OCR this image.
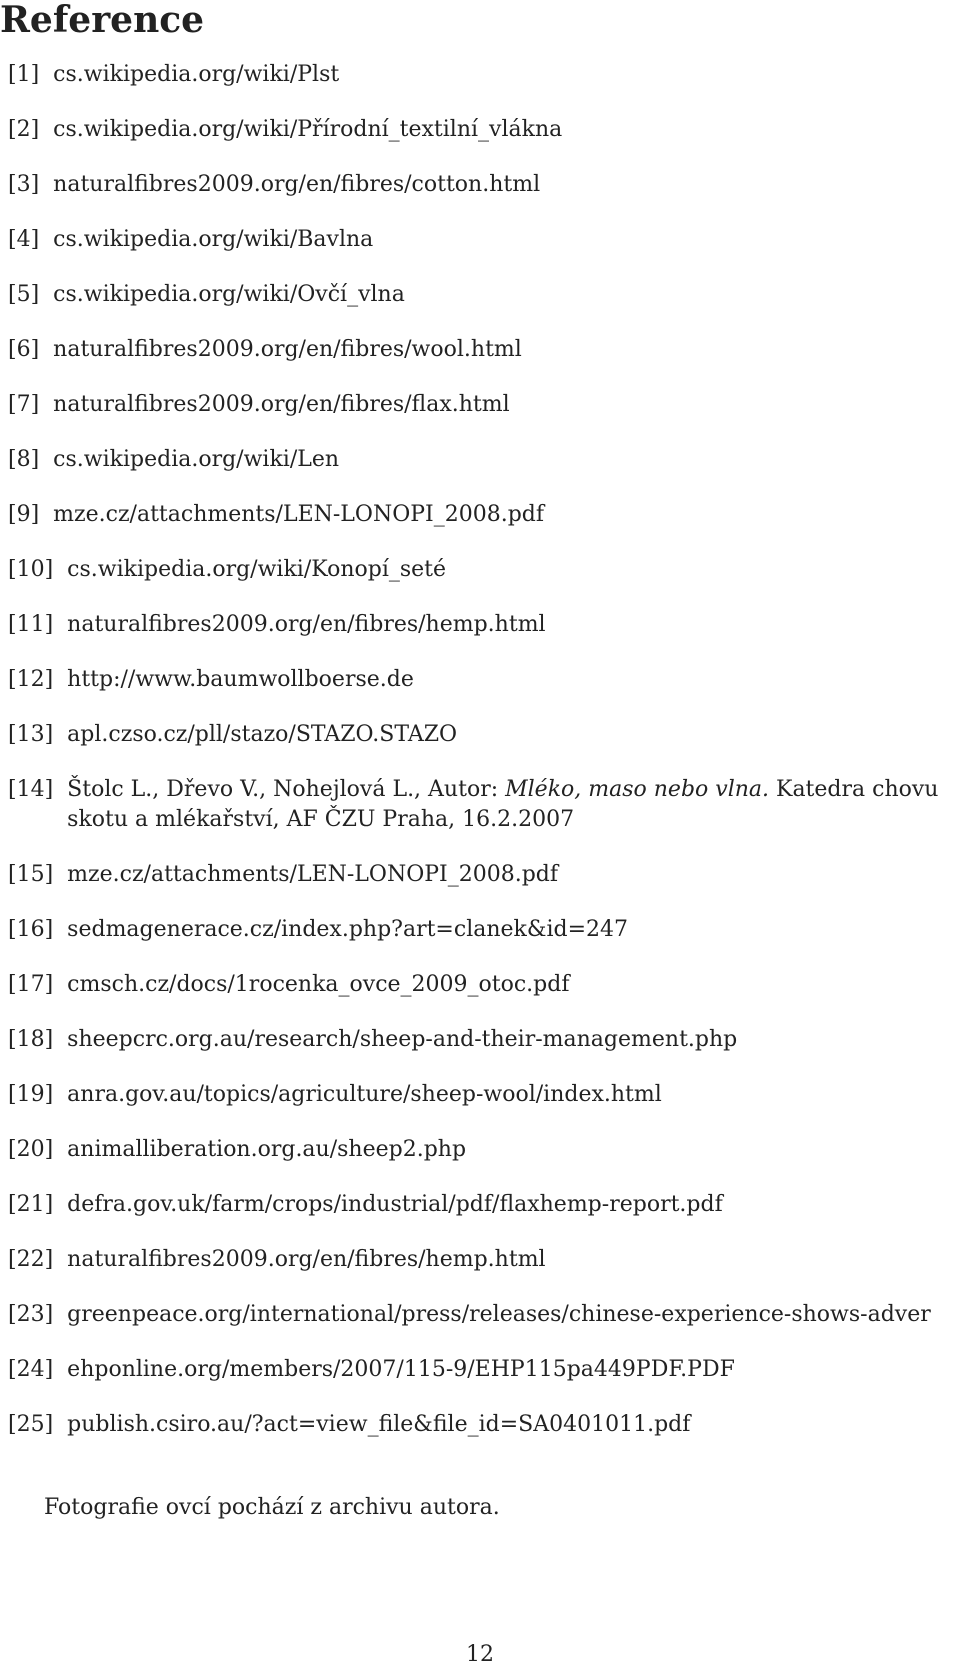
Reference
[1] cs.wikipedia.org/wiki/Plst
[2] cs.wikipedia.org/wiki/Přírodní_textilní_vlákna
[3] naturalfibres2009.org/en/fibres/cotton.html
[4] cs.wikipedia.org/wiki/Bavlna
[5] cs.wikipedia.org/wiki/Ovčí_vlna
[6] naturalfibres2009.org/en/fibres/wool.html
[7] naturalfibres2009.org/en/fibres/flax.html
[8] cs.wikipedia.org/wiki/Len
[9] mze.cz/attachments/LEN-LONOPI_2008.pdf
[10] cs.wikipedia.org/wiki/Konopí_seté
[11] naturalfibres2009.org/en/fibres/hemp.html
[12] http://www.baumwollboerse.de
[13] apl.czso.cz/pll/stazo/STAZO.STAZO
[14] Štolc L., Dřevo V., Nohejlová L., Autor: Mléko, maso nebo vlna. Katedra chovu skotu a mlékařství, AF ČZU Praha, 16.2.2007
[15] mze.cz/attachments/LEN-LONOPI_2008.pdf
[16] sedmagenerace.cz/index.php?art=clanek&id=247
[17] cmsch.cz/docs/1rocenka_ovce_2009_otoc.pdf
[18] sheepcrc.org.au/research/sheep-and-their-management.php
[19] anra.gov.au/topics/agriculture/sheep-wool/index.html
[20] animalliberation.org.au/sheep2.php
[21] defra.gov.uk/farm/crops/industrial/pdf/flaxhemp-report.pdf
[22] naturalfibres2009.org/en/fibres/hemp.html
[23] greenpeace.org/international/press/releases/chinese-experience-shows-adver
[24] ehponline.org/members/2007/115-9/EHP115pa449PDF.PDF
[25] publish.csiro.au/?act=view_file&file_id=SA0401011.pdf
Fotografie ovcí pochází z archivu autora.
12
